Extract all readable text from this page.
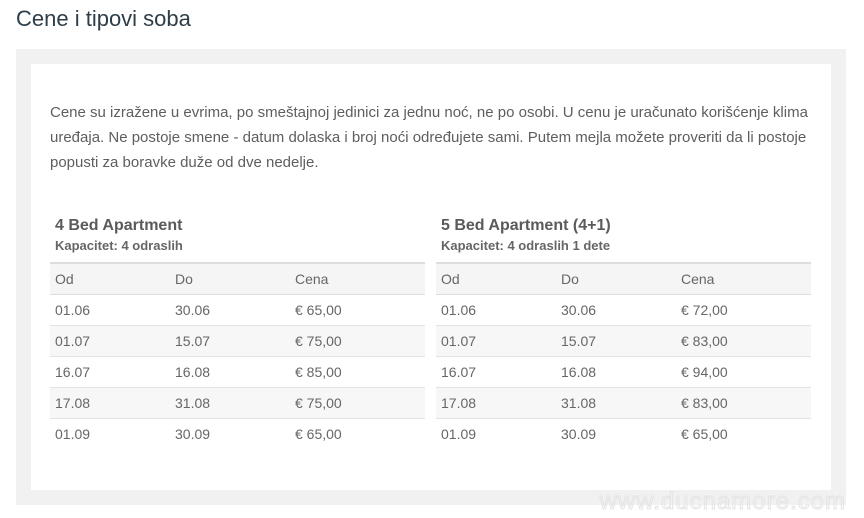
Cene i tipovi soba

Cene su izražene u evrima, po smeštajnoj jedinici za jednu noć, ne po osobi. U cenu je uračunato korišćenje klima uređaja. Ne postoje smene - datum dolaska i broj noći određujete sami. Putem mejla možete proveriti da li postoje popusti za boravke duže od dve nedelje.

4 Bed Apartment
Kapacitet: 4 odraslih
Od	Do	Cena
01.06	30.06	€ 65,00
01.07	15.07	€ 75,00
16.07	16.08	€ 85,00
17.08	31.08	€ 75,00
01.09	30.09	€ 65,00
5 Bed Apartment (4+1)
Kapacitet: 4 odraslih 1 dete
Od	Do	Cena
01.06	30.06	€ 72,00
01.07	15.07	€ 83,00
16.07	16.08	€ 94,00
17.08	31.08	€ 83,00
01.09	30.09	€ 65,00
www.ducnamore.com
